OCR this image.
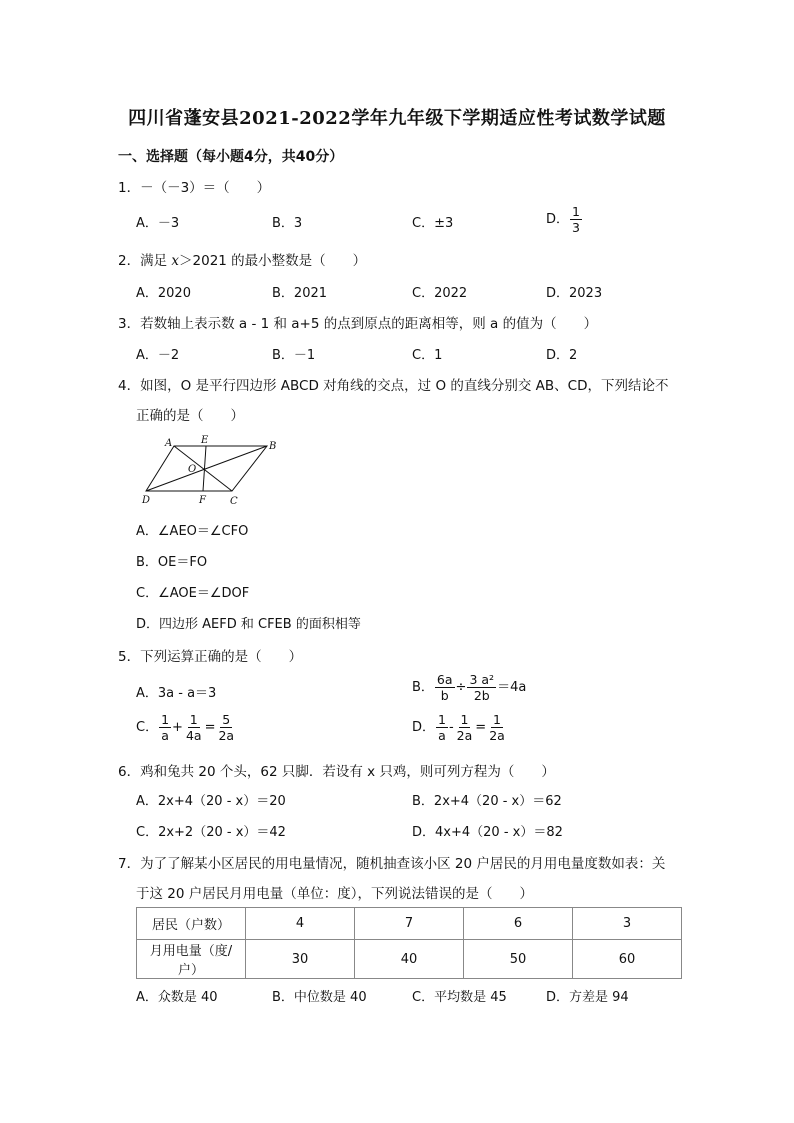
四川省蓬安县2021-2022学年九年级下学期适应性考试数学试题
一、选择题（每小题4分，共40分）
1．－（－3）＝（　　）
A．－3	B．3	C．±3	D． $\frac{1}{3}$
2．满足 x＞2021 的最小整数是（　　）
A．2020	B．2021	C．2022	D．2023
3．若数轴上表示数 a - 1 和 a+5 的点到原点的距离相等，则 a 的值为（　　）
A．－2	B．－1	C．1	D．2
4．如图，O 是平行四边形 ABCD 对角线的交点，过 O 的直线分别交 AB、CD，下列结论不
正确的是（　　）
A	E
B
O
D	F C
A．∠AEO＝∠CFO
B．OE＝FO
C．∠AOE＝∠DOF
D．四边形 AEFD 和 CFEB 的面积相等
5．下列运算正确的是（　　）
A．3a - a＝3	B． $\frac{6a}{b} \div \frac{\text{3 a²}}{2b} =4a$
C． $\frac{1}{a} + \frac{1}{4a} = \frac{5}{2a}$	D． $\frac{1}{a} - \frac{1}{2a} = \frac{1}{2a}$
6．鸡和兔共 20 个头，62 只脚．若设有 x 只鸡，则可列方程为（　　）
A．2x+4（20 - x）＝20	B．2x+4（20 - x）＝62
C．2x+2（20 - x）＝42	D．4x+4（20 - x）＝82
7．为了了解某小区居民的用电量情况，随机抽查该小区 20 户居民的月用电量度数如表：关
于这 20 户居民月用电量（单位：度），下列说法错误的是（　　）
居民（户数）	4	7	6	3
月用电量（度/户）	30	40	50	60
A．众数是 40	B．中位数是 40	C．平均数是 45	D．方差是 94
